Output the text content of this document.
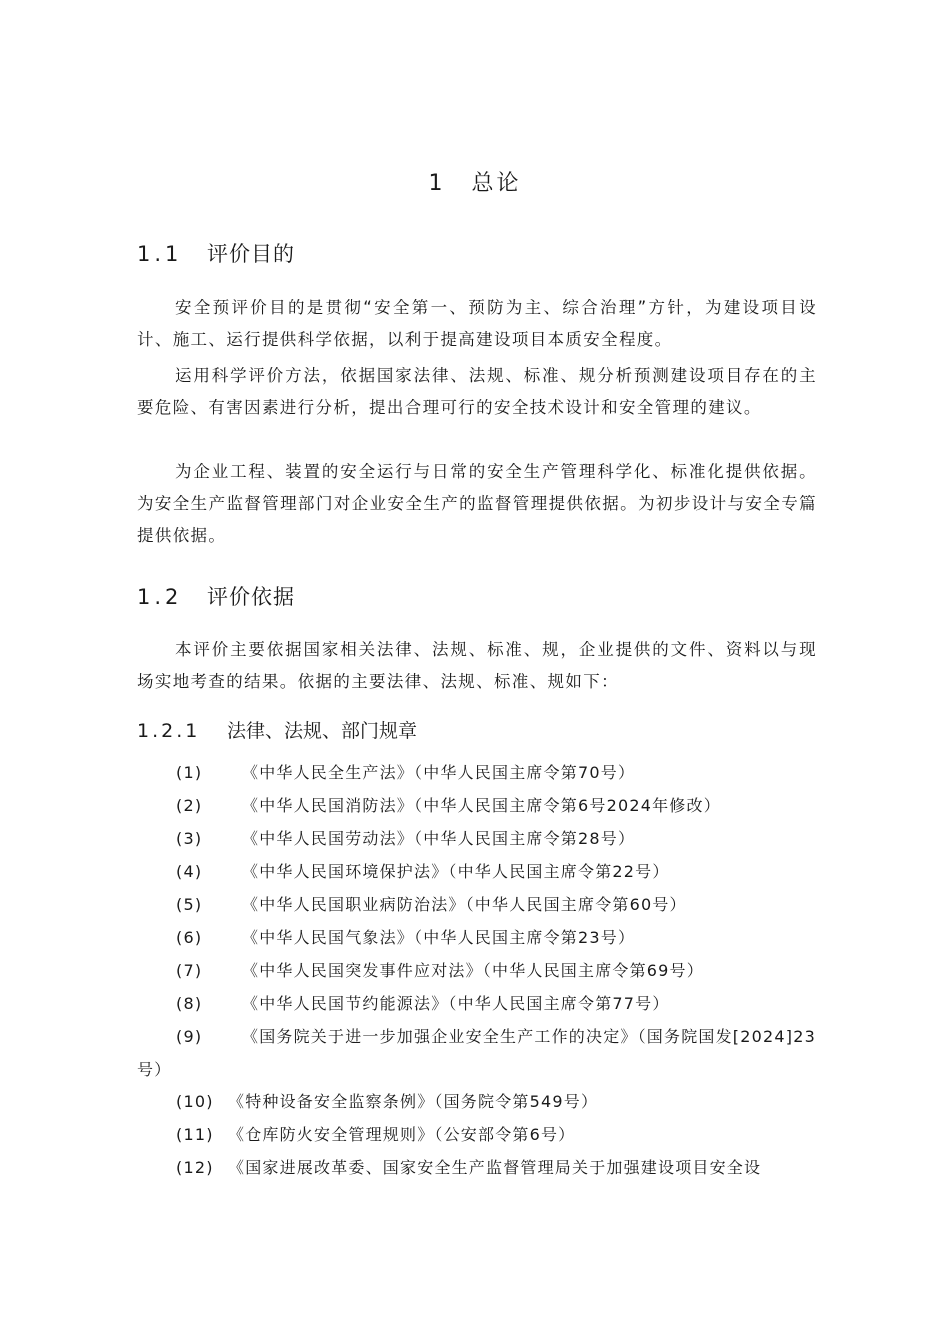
1 总论
1.1 评价目的

安全预评价目的是贯彻“安全第一、预防为主、综合治理”方针，为建设项目设计、施工、运行提供科学依据，以利于提高建设项目本质安全程度。

运用科学评价方法，依据国家法律、法规、标准、规分析预测建设项目存在的主要危险、有害因素进行分析，提出合理可行的安全技术设计和安全管理的建议。

为企业工程、装置的安全运行与日常的安全生产管理科学化、标准化提供依据。为安全生产监督管理部门对企业安全生产的监督管理提供依据。为初步设计与安全专篇提供依据。

1.2 评价依据

本评价主要依据国家相关法律、法规、标准、规，企业提供的文件、资料以与现场实地考查的结果。依据的主要法律、法规、标准、规如下：

1.2.1 法律、法规、部门规章
(1) 《中华人民全生产法》（中华人民国主席令第70号）
(2) 《中华人民国消防法》（中华人民国主席令第6号2024年修改）
(3) 《中华人民国劳动法》（中华人民国主席令第28号）
(4) 《中华人民国环境保护法》（中华人民国主席令第22号）
(5) 《中华人民国职业病防治法》（中华人民国主席令第60号）
(6) 《中华人民国气象法》（中华人民国主席令第23号）
(7) 《中华人民国突发事件应对法》（中华人民国主席令第69号）
(8) 《中华人民国节约能源法》（中华人民国主席令第77号）

(9) 《国务院关于进一步加强企业安全生产工作的决定》（国务院国发[2024]23号）

(10) 《特种设备安全监察条例》（国务院令第549号）
(11) 《仓库防火安全管理规则》（公安部令第6号）
(12) 《国家进展改革委、国家安全生产监督管理局关于加强建设项目安全设
